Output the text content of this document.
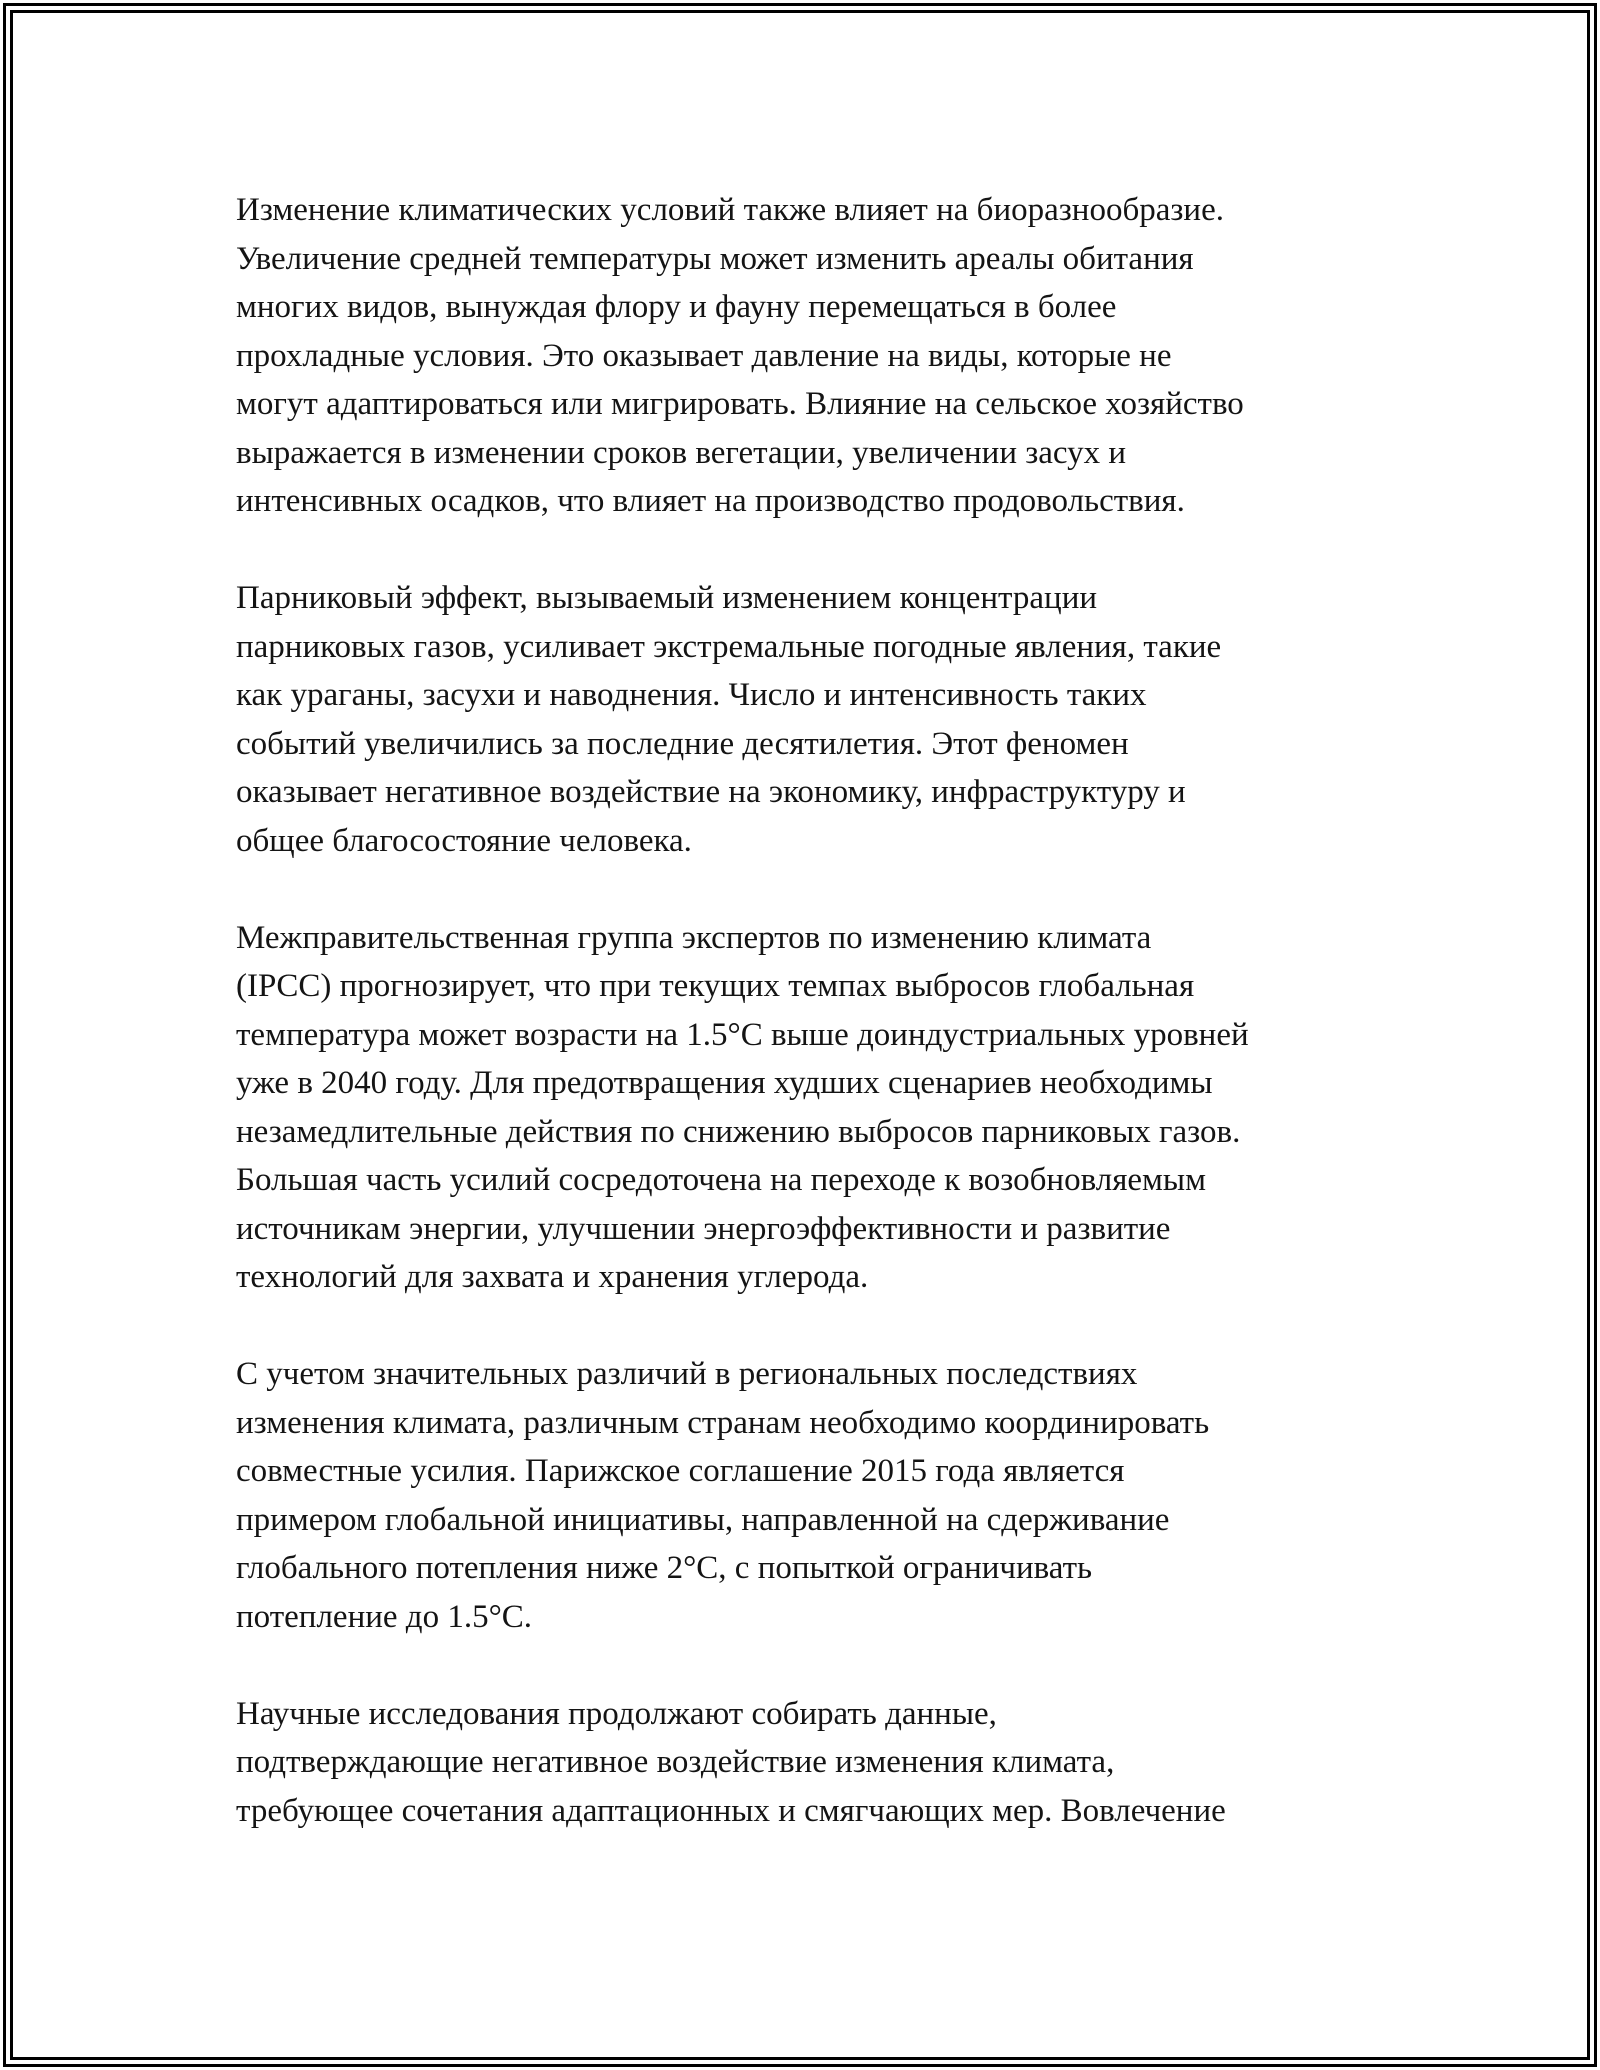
Изменение климатических условий также влияет на биоразнообразие.
Увеличение средней температуры может изменить ареалы обитания
многих видов, вынуждая флору и фауну перемещаться в более
прохладные условия. Это оказывает давление на виды, которые не
могут адаптироваться или мигрировать. Влияние на сельское хозяйство
выражается в изменении сроков вегетации, увеличении засух и
интенсивных осадков, что влияет на производство продовольствия.

Парниковый эффект, вызываемый изменением концентрации
парниковых газов, усиливает экстремальные погодные явления, такие
как ураганы, засухи и наводнения. Число и интенсивность таких
событий увеличились за последние десятилетия. Этот феномен
оказывает негативное воздействие на экономику, инфраструктуру и
общее благосостояние человека.

Межправительственная группа экспертов по изменению климата
(IPCC) прогнозирует, что при текущих темпах выбросов глобальная
температура может возрасти на 1.5°C выше доиндустриальных уровней
уже в 2040 году. Для предотвращения худших сценариев необходимы
незамедлительные действия по снижению выбросов парниковых газов.
Большая часть усилий сосредоточена на переходе к возобновляемым
источникам энергии, улучшении энергоэффективности и развитие
технологий для захвата и хранения углерода.

С учетом значительных различий в региональных последствиях
изменения климата, различным странам необходимо координировать
совместные усилия. Парижское соглашение 2015 года является
примером глобальной инициативы, направленной на сдерживание
глобального потепления ниже 2°C, с попыткой ограничивать
потепление до 1.5°C.

Научные исследования продолжают собирать данные,
подтверждающие негативное воздействие изменения климата,
требующее сочетания адаптационных и смягчающих мер. Вовлечение
